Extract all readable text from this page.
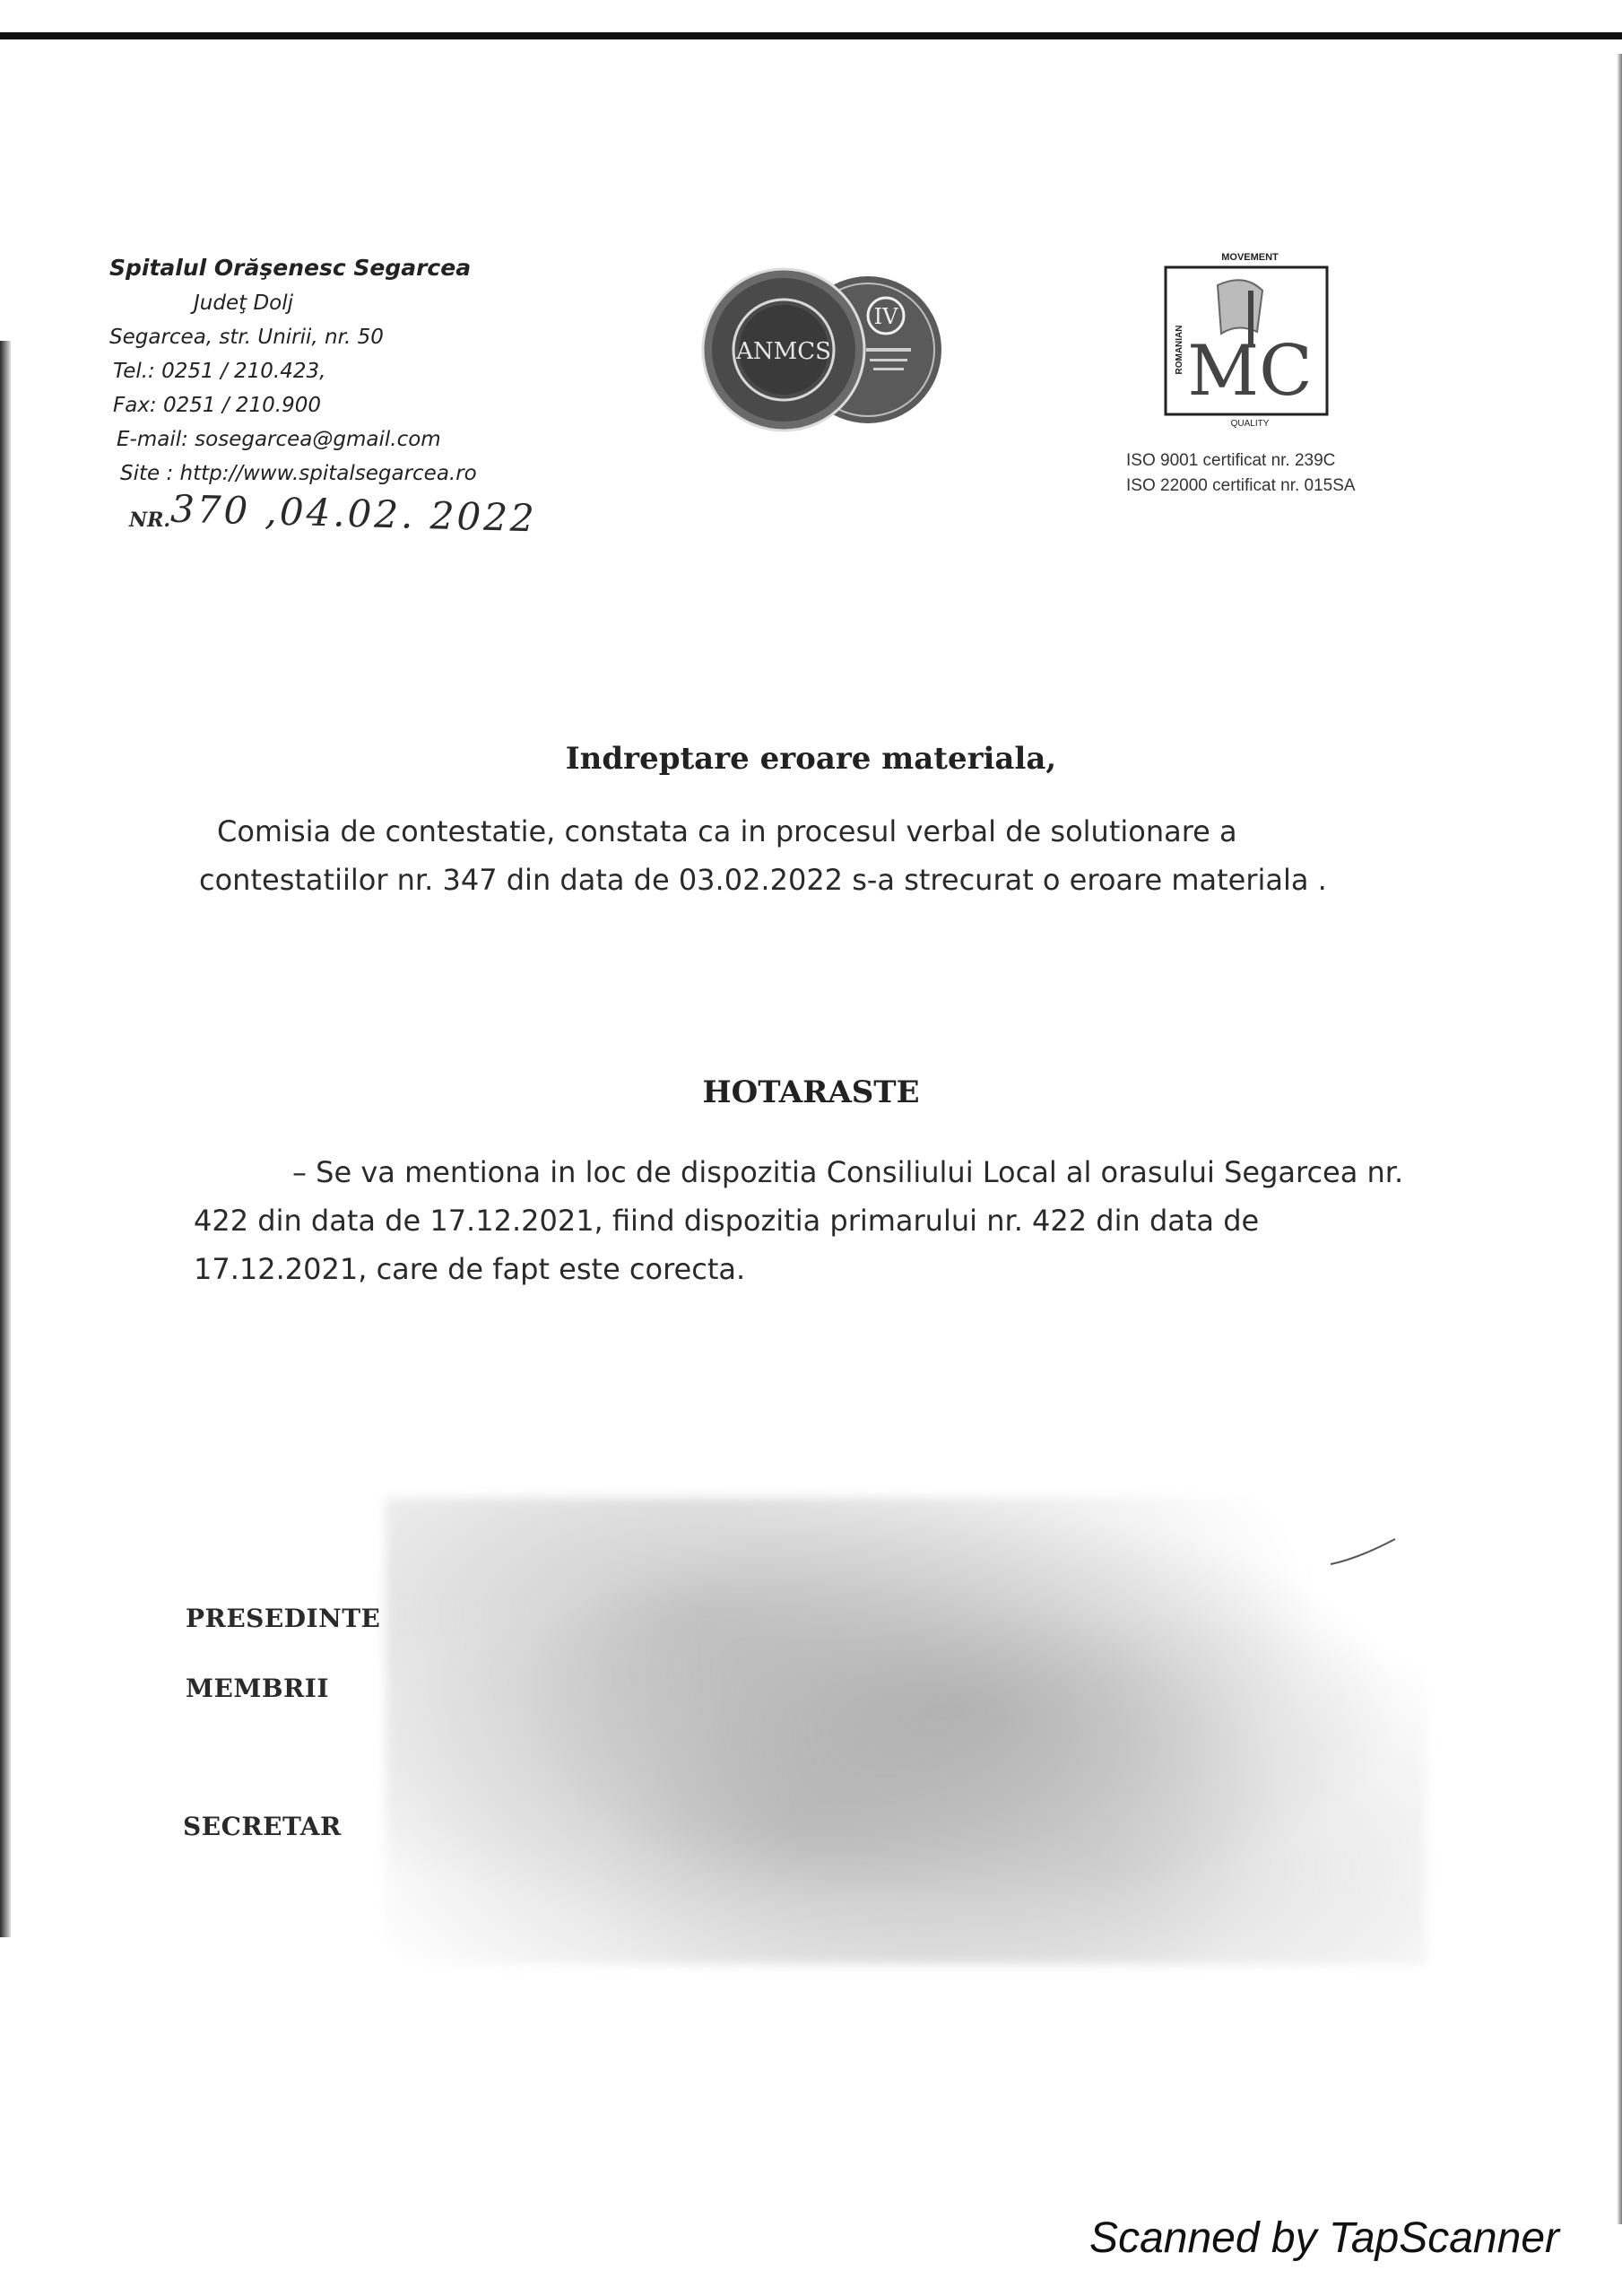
Spitalul Orăşenesc Segarcea

Judeţ Dolj

Segarcea, str. Unirii, nr. 50

Tel.: 0251 / 210.423,

Fax: 0251 / 210.900

E-mail: sosegarcea@gmail.com

Site : http://www.spitalsegarcea.ro

NR.370 ,04.02. 2022
IV
ANMCS
MOVEMENT
ROMANIAN MC
QUALITY

ISO 9001 certificat nr. 239C

ISO 22000 certificat nr. 015SA

Indreptare eroare materiala,

Comisia de contestatie, constata ca in procesul verbal de solutionare a contestatiilor nr. 347 din data de 03.02.2022 s-a strecurat o eroare materiala .

HOTARASTE

– Se va mentiona in loc de dispozitia Consiliului Local al orasului Segarcea nr. 422 din data de 17.12.2021, fiind dispozitia primarului nr. 422 din data de 17.12.2021, care de fapt este corecta.

PRESEDINTE
MEMBRII
SECRETAR
Scanned by TapScanner
